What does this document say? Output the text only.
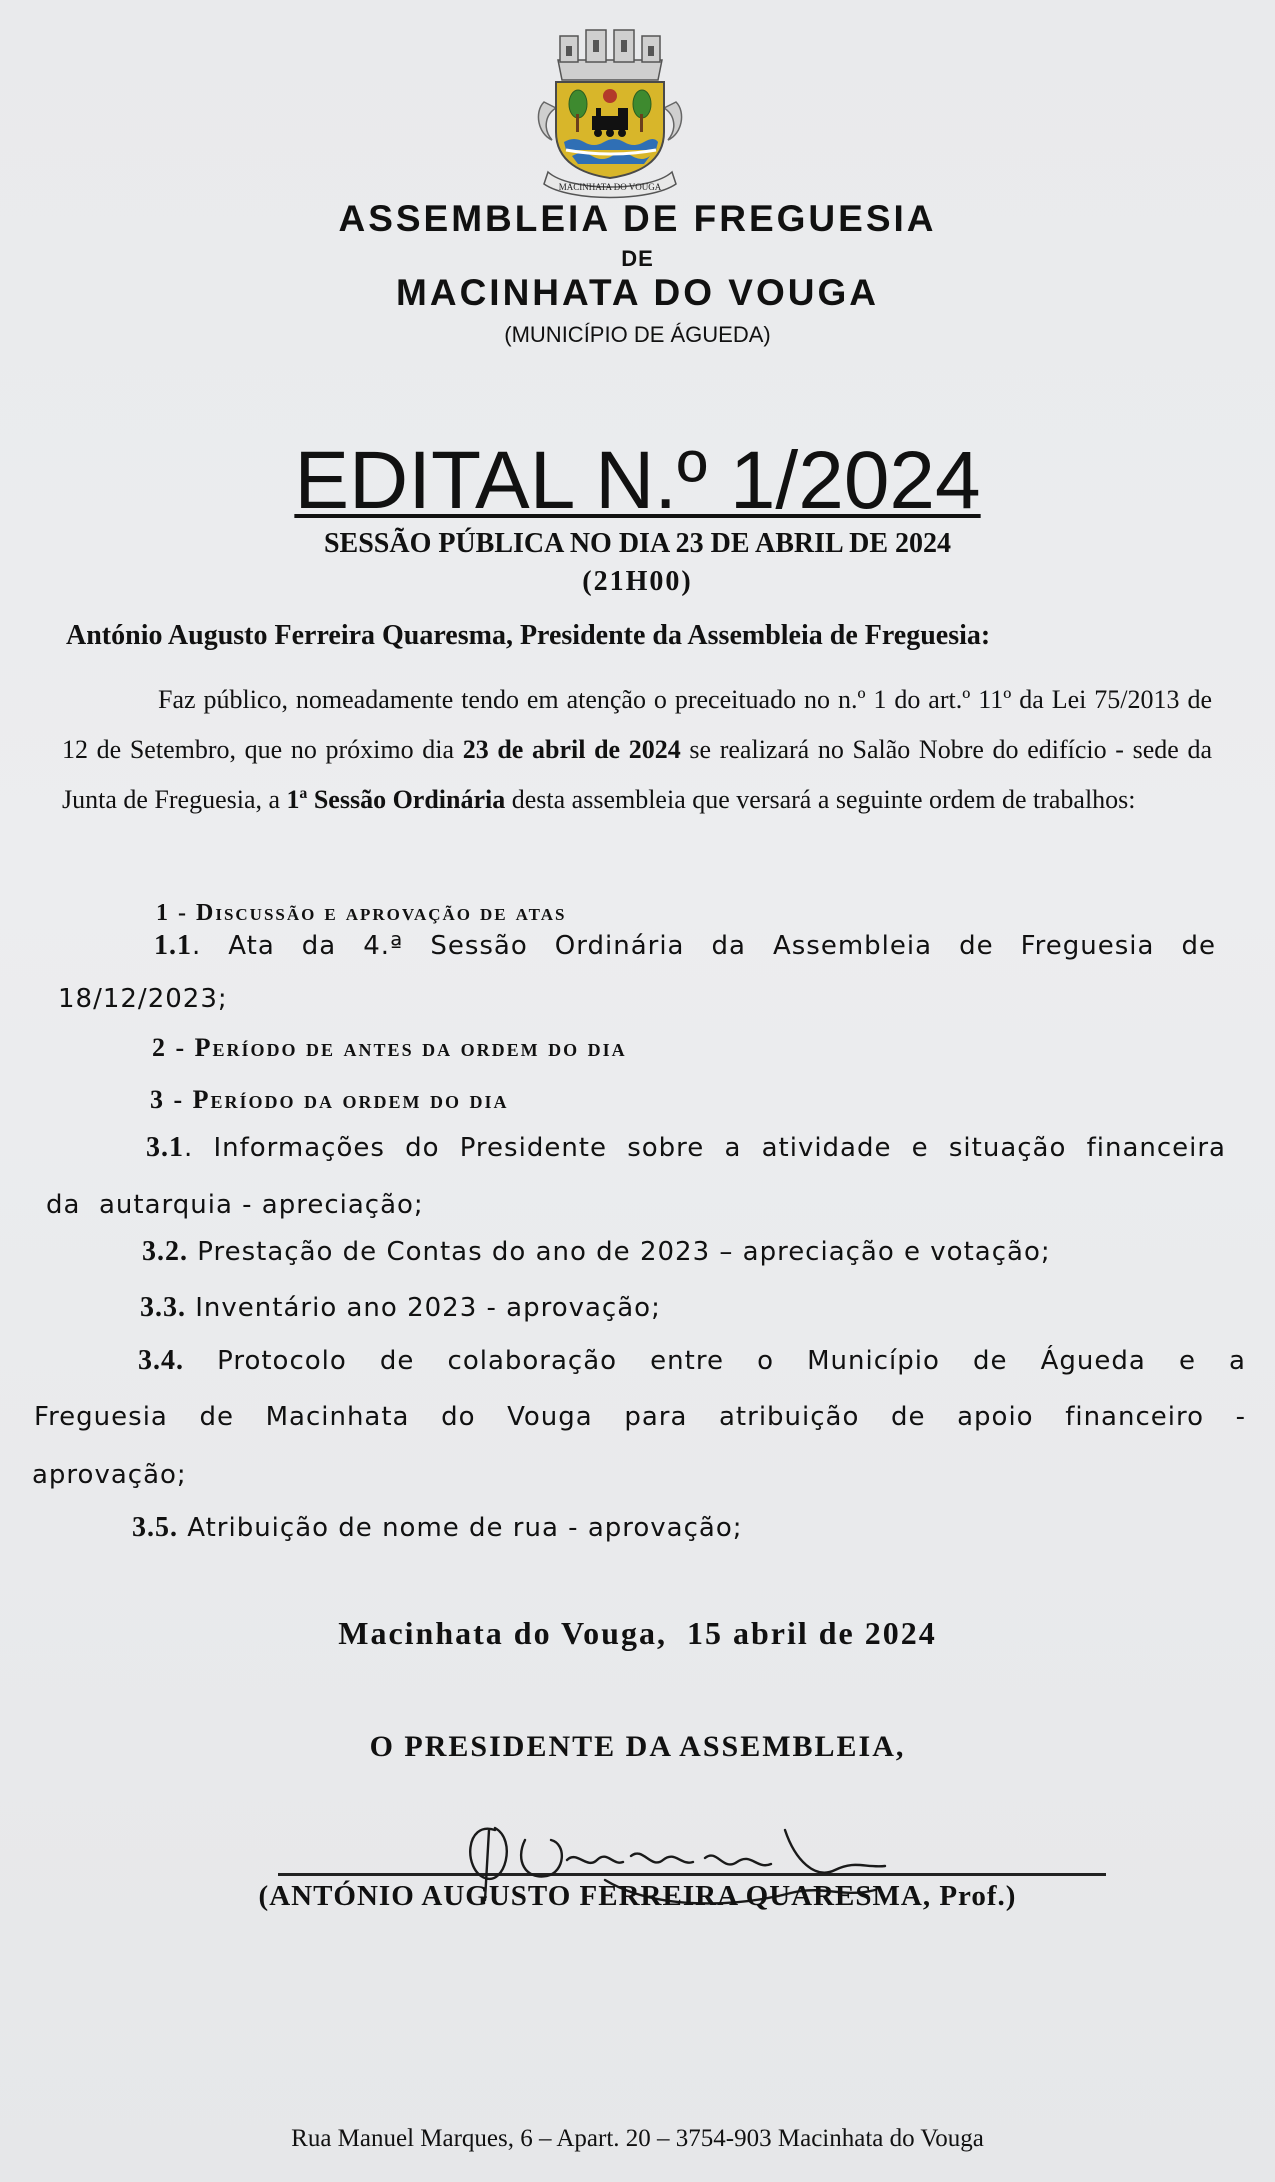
MACINHATA DO VOUGA
ASSEMBLEIA DE FREGUESIA
DE
MACINHATA DO VOUGA
(MUNICÍPIO DE ÁGUEDA)
EDITAL N.º 1/2024
SESSÃO PÚBLICA NO DIA 23 DE ABRIL DE 2024
(21H00)
António Augusto Ferreira Quaresma, Presidente da Assembleia de Freguesia:
Faz público, nomeadamente tendo em atenção o preceituado no n.º 1 do art.º 11º da Lei 75/2013 de 12 de Setembro, que no próximo dia 23 de abril de 2024 se realizará no Salão Nobre do edifício - sede da Junta de Freguesia, a 1ª Sessão Ordinária desta assembleia que versará a seguinte ordem de trabalhos:
1 - Discussão e aprovação de atas
1.1. Ata da 4.ª Sessão Ordinária da Assembleia de Freguesia de
18/12/2023;
2 - Período de antes da ordem do dia
3 - Período da ordem do dia
3.1. Informações do Presidente sobre a atividade e situação financeira
da  autarquia - apreciação;
3.2. Prestação de Contas do ano de 2023 – apreciação e votação;
3.3. Inventário ano 2023 - aprovação;
3.4. Protocolo de colaboração entre o Município de Águeda e a
Freguesia de Macinhata do Vouga para atribuição de apoio financeiro -
aprovação;
3.5. Atribuição de nome de rua - aprovação;
Macinhata do Vouga,  15 abril de 2024
O PRESIDENTE DA ASSEMBLEIA,
(ANTÓNIO AUGUSTO FERREIRA QUARESMA, Prof.)
Rua Manuel Marques, 6 – Apart. 20 – 3754-903 Macinhata do Vouga
